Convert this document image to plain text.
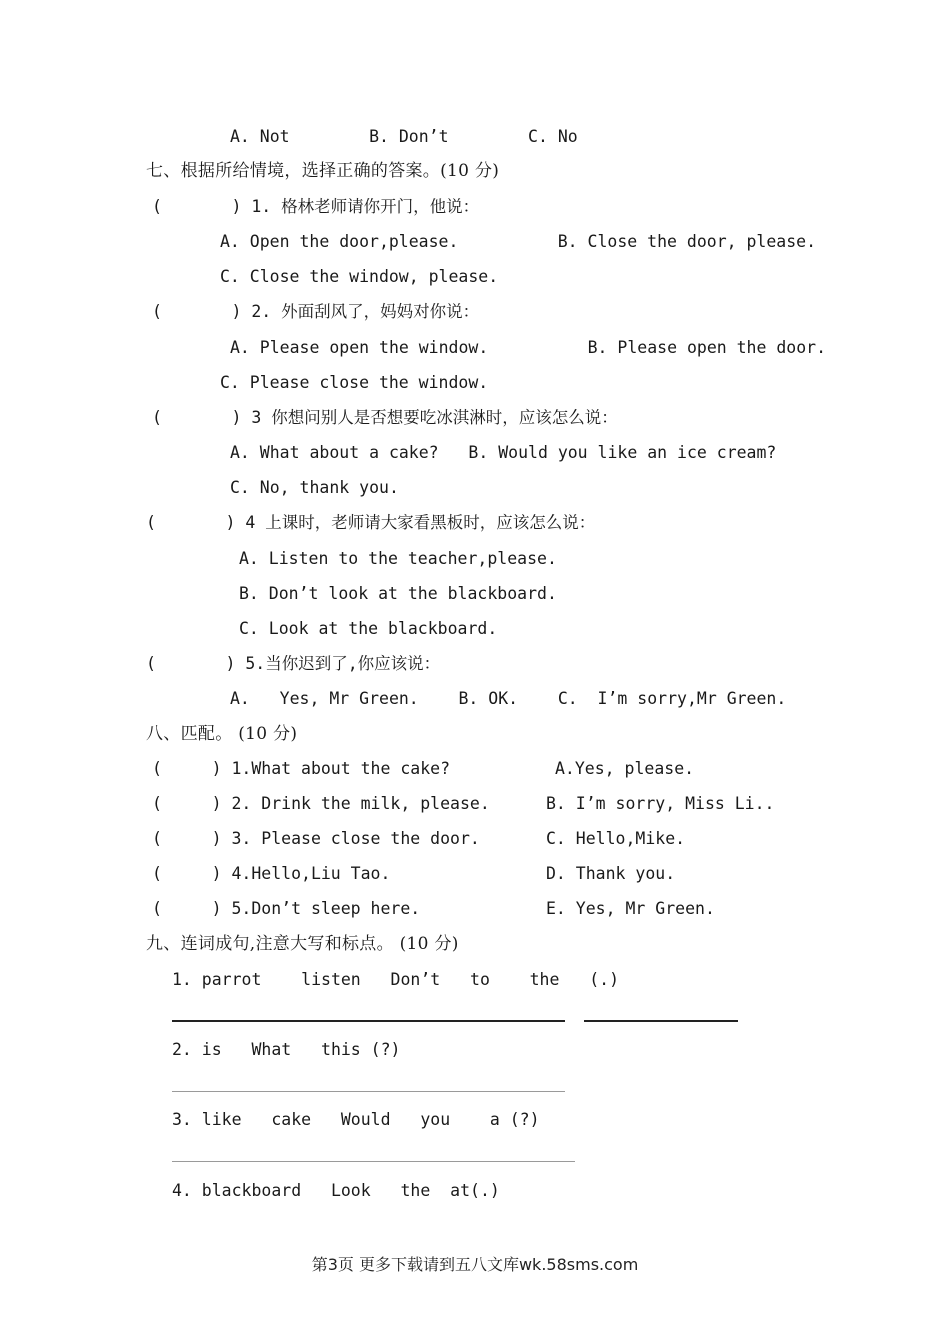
A. Not        B. Don’t        C. No
七、根据所给情境，选择正确的答案。(10 分)
(       ) 1. 格林老师请你开门，他说：
A. Open the door,please.          B. Close the door, please.
C. Close the window, please.
(       ) 2. 外面刮风了，妈妈对你说：
A. Please open the window.          B. Please open the door.
C. Please close the window.
(       ) 3 你想问别人是否想要吃冰淇淋时，应该怎么说：
A. What about a cake?   B. Would you like an ice cream?
C. No, thank you.
(       ) 4 上课时，老师请大家看黑板时，应该怎么说：
A. Listen to the teacher,please.
B. Don’t look at the blackboard.
C. Look at the blackboard.
(       ) 5.当你迟到了,你应该说：
A.   Yes, Mr Green.    B. OK.    C.  I’m sorry,Mr Green.
八、匹配。 (10 分)
(     ) 1.What about the cake?	A.Yes, please.
(     ) 2. Drink the milk, please.	B. I’m sorry, Miss Li..
(     ) 3. Please close the door.	C. Hello,Mike.
(     ) 4.Hello,Liu Tao.	D. Thank you.
(     ) 5.Don’t sleep here.	E. Yes, Mr Green.
九、连词成句,注意大写和标点。 (10 分)
1. parrot    listen   Don’t   to    the   (.)
2. is   What   this (?)
3. like   cake   Would   you    a (?)
4. blackboard   Look   the  at(.)
第3页 更多下载请到五八文库wk.58sms.com
